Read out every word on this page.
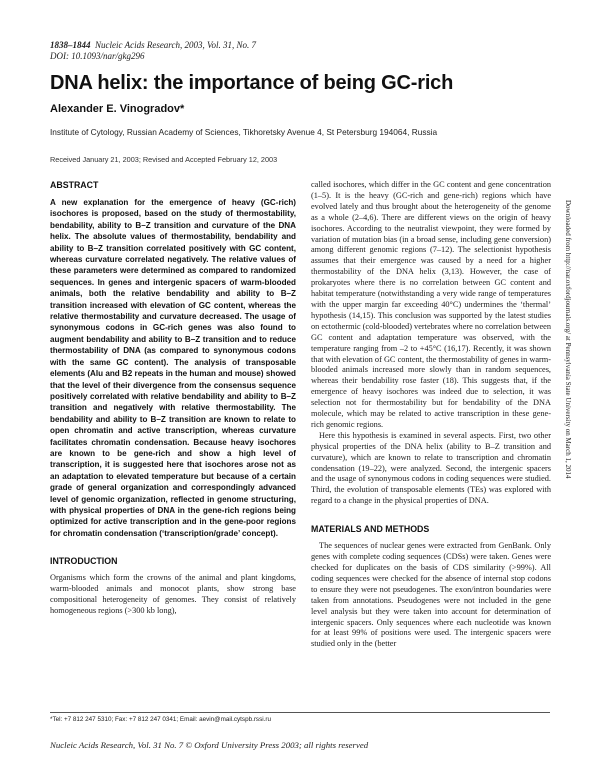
1838–1844 Nucleic Acids Research, 2003, Vol. 31, No. 7
DOI: 10.1093/nar/gkg296
DNA helix: the importance of being GC-rich
Alexander E. Vinogradov*
Institute of Cytology, Russian Academy of Sciences, Tikhoretsky Avenue 4, St Petersburg 194064, Russia
Received January 21, 2003; Revised and Accepted February 12, 2003
ABSTRACT

A new explanation for the emergence of heavy (GC-rich) isochores is proposed, based on the study of thermostability, bendability, ability to B–Z transition and curvature of the DNA helix. The absolute values of thermostability, bendability and ability to B–Z transition correlated positively with GC content, whereas curvature correlated negatively. The relative values of these parameters were determined as compared to randomized sequences. In genes and intergenic spacers of warm-blooded animals, both the relative bendability and ability to B–Z transition increased with elevation of GC content, whereas the relative thermostability and curvature decreased. The usage of synonymous codons in GC-rich genes was also found to augment bendability and ability to B–Z transition and to reduce thermostability of DNA (as compared to synonymous codons with the same GC content). The analysis of transposable elements (Alu and B2 repeats in the human and mouse) showed that the level of their divergence from the consensus sequence positively correlated with relative bendability and ability to B–Z transition and negatively with relative thermostability. The bendability and ability to B–Z transition are known to relate to open chromatin and active transcription, whereas curvature facilitates chromatin condensation. Because heavy isochores are known to be gene-rich and show a high level of transcription, it is suggested here that isochores arose not as an adaptation to elevated temperature but because of a certain grade of general organization and correspondingly advanced level of genomic organization, reflected in genome structuring, with physical properties of DNA in the gene-rich regions being optimized for active transcription and in the gene-poor regions for chromatin condensation (‘transcription/grade’ concept).

INTRODUCTION

Organisms which form the crowns of the animal and plant kingdoms, warm-blooded animals and monocot plants, show strong base compositional heterogeneity of genomes. They consist of relatively homogeneous regions (>300 kb long),

called isochores, which differ in the GC content and gene concentration (1–5). It is the heavy (GC-rich and gene-rich) regions which have evolved lately and thus brought about the heterogeneity of the genome as a whole (2–4,6). There are different views on the origin of heavy isochores. According to the neutralist viewpoint, they were formed by variation of mutation bias (in a broad sense, including gene conversion) among different genomic regions (7–12). The selectionist hypothesis assumes that their emergence was caused by a need for a higher thermostability of the DNA helix (3,13). However, the case of prokaryotes where there is no correlation between GC content and habitat temperature (notwithstanding a very wide range of temperatures with the upper margin far exceeding 40°C) undermines the ‘thermal’ hypothesis (14,15). This conclusion was supported by the latest studies on ectothermic (cold-blooded) vertebrates where no correlation between GC content and adaptation temperature was observed, with the temperature ranging from –2 to +45°C (16,17). Recently, it was shown that with elevation of GC content, the thermostability of genes in warm-blooded animals increased more slowly than in random sequences, whereas their bendability rose faster (18). This suggests that, if the emergence of heavy isochores was indeed due to selection, it was selection not for thermostability but for bendability of the DNA molecule, which may be related to active transcription in these gene-rich genomic regions.

Here this hypothesis is examined in several aspects. First, two other physical properties of the DNA helix (ability to B–Z transition and curvature), which are known to relate to transcription and chromatin condensation (19–22), were analyzed. Second, the intergenic spacers and the usage of synonymous codons in coding sequences were studied. Third, the evolution of transposable elements (TEs) was explored with regard to a change in the physical properties of DNA.

MATERIALS AND METHODS

The sequences of nuclear genes were extracted from GenBank. Only genes with complete coding sequences (CDSs) were taken. Genes were checked for duplicates on the basis of CDS similarity (>99%). All coding sequences were checked for the absence of internal stop codons to ensure they were not pseudogenes. The exon/intron boundaries were taken from annotations. Pseudogenes were not included in the gene level analysis but they were taken into account for determination of intergenic spacers. Only sequences where each nucleotide was known for at least 99% of positions were used. The intergenic spacers were studied only in the (better

*Tel: +7 812 247 5310; Fax: +7 812 247 0341; Email: aevin@mail.cytspb.rssi.ru
Nucleic Acids Research, Vol. 31 No. 7 © Oxford University Press 2003; all rights reserved
Downloaded from http://nar.oxfordjournals.org/ at Pennsylvania State University on March 1, 2014
